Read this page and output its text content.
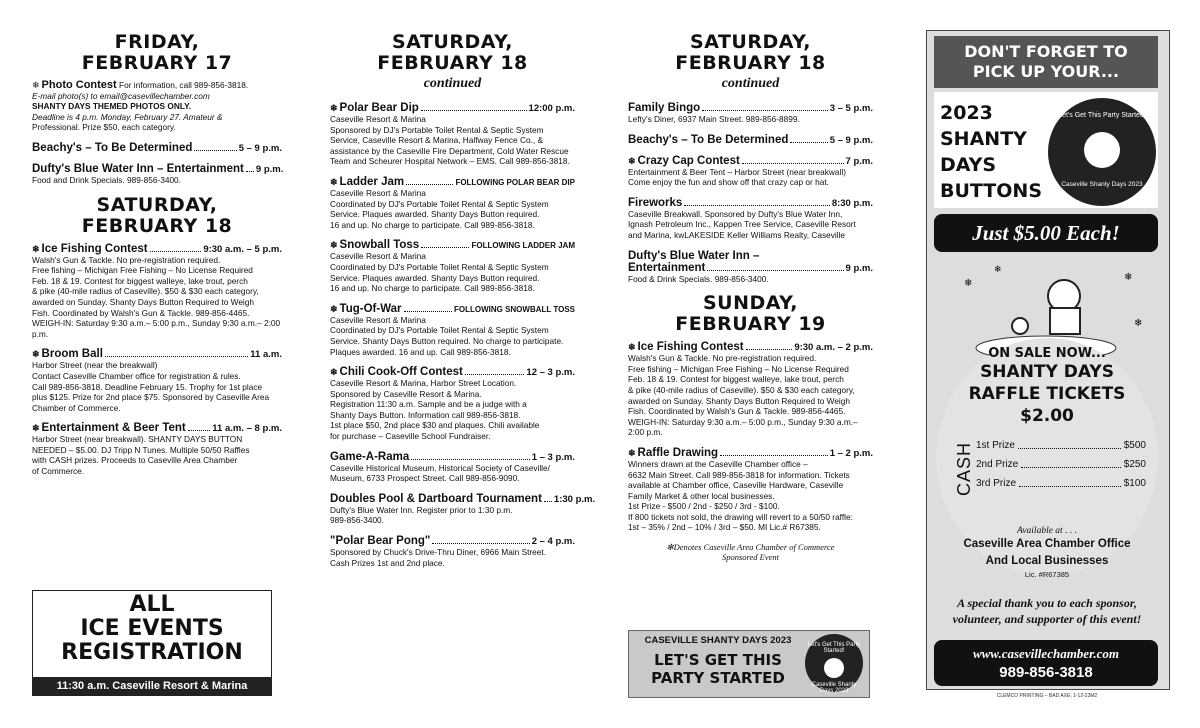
FRIDAY,
FEBRUARY 17
❄ Photo Contest For information, call 989-856-3818.
E-mail photo(s) to email@casevillechamber.com
SHANTY DAYS THEMED PHOTOS ONLY.
Deadline is 4 p.m. Monday, February 27. Amateur &
Professional. Prize $50, each category.
Beachy's – To Be Determined	5 – 9 p.m.
Dufty's Blue Water Inn – Entertainment 9 p.m.
Food and Drink Specials. 989-856-3400.
SATURDAY,
FEBRUARY 18
❄ Ice Fishing Contest	9:30 a.m. – 5 p.m.
Walsh's Gun & Tackle. No pre-registration required.
Free fishing – Michigan Free Fishing – No License Required
Feb. 18 & 19. Contest for biggest walleye, lake trout, perch
& pike (40-mile radius of Caseville). $50 & $30 each category,
awarded on Sunday. Shanty Days Button Required to Weigh
Fish. Coordinated by Walsh's Gun & Tackle. 989-856-4465.
WEIGH-IN: Saturday 9:30 a.m.– 5:00 p.m., Sunday 9:30 a.m.– 2:00 p.m.
❄ Broom Ball	11 a.m.
Harbor Street (near the breakwall)
Contact Caseville Chamber office for registration & rules.
Call 989-856-3818. Deadline February 15. Trophy for 1st place
plus $125. Prize for 2nd place $75. Sponsored by Caseville Area
Chamber of Commerce.
❄ Entertainment & Beer Tent	11 a.m. – 8 p.m.
Harbor Street (near breakwall). SHANTY DAYS BUTTON
NEEDED – $5.00. DJ Tripp N Tunes. Multiple 50/50 Raffles
with CASH prizes. Proceeds to Caseville Area Chamber
of Commerce.
ALL
ICE EVENTS
REGISTRATION
11:30 a.m. Caseville Resort & Marina
SATURDAY,
FEBRUARY 18
continued
❄ Polar Bear Dip	12:00 p.m.
Caseville Resort & Marina
Sponsored by DJ's Portable Toilet Rental & Septic System
Service, Caseville Resort & Marina, Halfway Fence Co., &
assistance by the Caseville Fire Department, Cold Water Rescue
Team and Scheurer Hospital Network – EMS. Call 989-856-3818.
❄ Ladder Jam	FOLLOWING POLAR BEAR DIP
Caseville Resort & Marina
Coordinated by DJ's Portable Toilet Rental & Septic System
Service. Plaques awarded. Shanty Days Button required.
16 and up. No charge to participate. Call 989-856-3818.
❄ Snowball Toss	FOLLOWING LADDER JAM
Caseville Resort & Marina
Coordinated by DJ's Portable Toilet Rental & Septic System
Service. Plaques awarded. Shanty Days Button required.
16 and up. No charge to participate. Call 989-856-3818.
❄ Tug-Of-War	FOLLOWING SNOWBALL TOSS
Caseville Resort & Marina
Coordinated by DJ's Portable Toilet Rental & Septic System
Service. Shanty Days Button required. No charge to participate.
Plaques awarded. 16 and up. Call 989-856-3818.
❄ Chili Cook-Off Contest	12 – 3 p.m.
Caseville Resort & Marina, Harbor Street Location.
Sponsored by Caseville Resort & Marina.
Registration 11:30 a.m. Sample and be a judge with a
Shanty Days Button. Information call 989-856-3818.
1st place $50, 2nd place $30 and plaques. Chili available
for purchase – Caseville School Fundraiser.
Game-A-Rama	1 – 3 p.m.
Caseville Historical Museum. Historical Society of Caseville/
Museum, 6733 Prospect Street. Call 989-856-9090.
Doubles Pool & Dartboard Tournament 1:30 p.m.
Dufty's Blue Water Inn. Register prior to 1:30 p.m.
989-856-3400.
"Polar Bear Pong"	2 – 4 p.m.
Sponsored by Chuck's Drive-Thru Diner, 6966 Main Street.
Cash Prizes 1st and 2nd place.
SATURDAY,
FEBRUARY 18
continued
Family Bingo	3 – 5 p.m.
Lefty's Diner, 6937 Main Street. 989-856-8899.
Beachy's – To Be Determined	5 – 9 p.m.
❄ Crazy Cap Contest	7 p.m.
Entertainment & Beer Tent – Harbor Street (near breakwall)
Come enjoy the fun and show off that crazy cap or hat.
Fireworks	8:30 p.m.
Caseville Breakwall. Sponsored by Dufty's Blue Water Inn,
Ignash Petroleum Inc., Kappen Tree Service, Caseville Resort
and Marina, kwLAKESIDE Keller Williams Realty, Caseville
Dufty's Blue Water Inn –
Entertainment	9 p.m.
Food & Drink Specials. 989-856-3400.
SUNDAY,
FEBRUARY 19
❄ Ice Fishing Contest	9:30 a.m. – 2 p.m.
Walsh's Gun & Tackle. No pre-registration required.
Free fishing – Michigan Free Fishing – No License Required
Feb. 18 & 19. Contest for biggest walleye, lake trout, perch
& pike (40-mile radius of Caseville). $50 & $30 each category,
awarded on Sunday. Shanty Days Button Required to Weigh
Fish. Coordinated by Walsh's Gun & Tackle. 989-856-4465.
WEIGH-IN: Saturday 9:30 a.m.– 5:00 p.m., Sunday 9:30 a.m.– 2:00 p.m.
❄ Raffle Drawing	1 – 2 p.m.
Winners drawn at the Caseville Chamber office –
6632 Main Street. Call 989-856-3818 for information. Tickets
available at Chamber office, Caseville Hardware, Caseville
Family Market & other local businesses.
1st Prize - $500 / 2nd - $250 / 3rd - $100.
If 800 tickets not sold, the drawing will revert to a 50/50 raffle:
1st – 35% / 2nd – 10% / 3rd – $50. MI Lic.# R67385.
✻Denotes Caseville Area Chamber of Commerce
Sponsored Event
CASEVILLE SHANTY DAYS 2023
LET'S GET THIS
PARTY STARTED
Let's Get This Party Started!
Caseville Shanty Days 2023
DON'T FORGET TO
PICK UP YOUR...
2023
SHANTY
DAYS
BUTTONS
Let's Get This Party Started!
Caseville Shanty Days 2023
Just $5.00 Each!
❄
❄
❄
❄
ON SALE NOW...
SHANTY DAYS
RAFFLE TICKETS
$2.00
CASH 1st Prize	$500
2nd Prize	$250
3rd Prize	$100
Available at . . .
Caseville Area Chamber Office
And Local Businesses
Lic. #R67385
A special thank you to each sponsor,
volunteer, and supporter of this event!
www.casevillechamber.com
989-856-3818
CLEMCO PRINTING – BAD AXE; 1-12-23M2
